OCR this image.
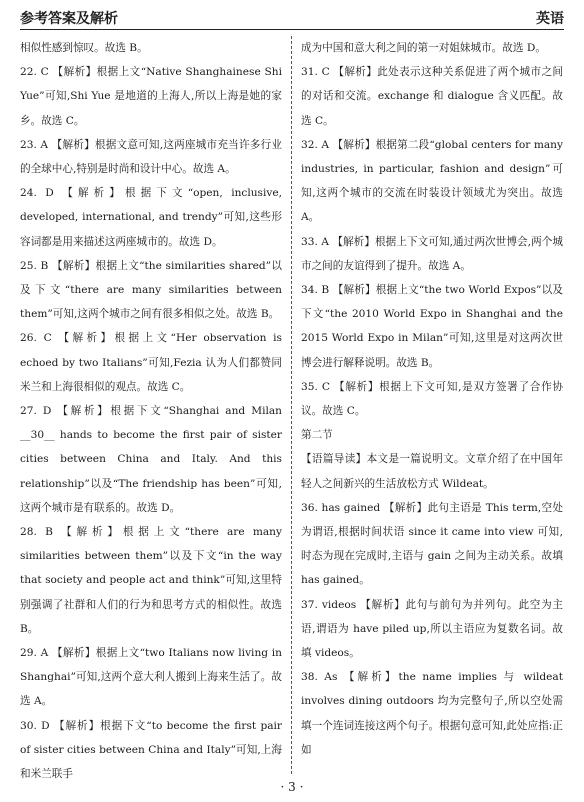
参考答案及解析	英语

相似性感到惊叹。故选 B。

22. C 【解析】根据上文“Native Shanghainese Shi Yue”可知,Shi Yue 是地道的上海人,所以上海是她的家乡。故选 C。

23. A 【解析】根据文意可知,这两座城市充当许多行业的全球中心,特别是时尚和设计中心。故选 A。

24. D 【解析】根据下文“open, inclusive, developed, international, and trendy”可知,这些形容词都是用来描述这两座城市的。故选 D。

25. B 【解析】根据上文“the similarities shared”以及下文“there are many similarities between them”可知,这两个城市之间有很多相似之处。故选 B。

26. C 【解析】根据上文“Her observation is echoed by two Italians”可知,Fezia 认为人们都赞同米兰和上海很相似的观点。故选 C。

27. D 【解析】根据下文“Shanghai and Milan __30__ hands to become the first pair of sister cities between China and Italy. And this relationship”以及“The friendship has been”可知,这两个城市是有联系的。故选 D。

28. B 【解析】根据上文“there are many similarities between them”以及下文“in the way that society and people act and think”可知,这里特别强调了社群和人们的行为和思考方式的相似性。故选 B。

29. A 【解析】根据上文“two Italians now living in Shanghai”可知,这两个意大利人搬到上海来生活了。故选 A。

30. D 【解析】根据下文“to become the first pair of sister cities between China and Italy”可知,上海和米兰联手

成为中国和意大利之间的第一对姐妹城市。故选 D。

31. C 【解析】此处表示这种关系促进了两个城市之间的对话和交流。exchange 和 dialogue 含义匹配。故选 C。

32. A 【解析】根据第二段“global centers for many industries, in particular, fashion and design”可知,这两个城市的交流在时装设计领域尤为突出。故选 A。

33. A 【解析】根据上下文可知,通过两次世博会,两个城市之间的友谊得到了提升。故选 A。

34. B 【解析】根据上文“the two World Expos”以及下文“the 2010 World Expo in Shanghai and the 2015 World Expo in Milan”可知,这里是对这两次世博会进行解释说明。故选 B。

35. C 【解析】根据上下文可知,是双方签署了合作协议。故选 C。

第二节

【语篇导读】本文是一篇说明文。文章介绍了在中国年轻人之间新兴的生活放松方式 Wildeat。

36. has gained 【解析】此句主语是 This term,空处为谓语,根据时间状语 since it came into view 可知,时态为现在完成时,主语与 gain 之间为主动关系。故填 has gained。

37. videos 【解析】此句与前句为并列句。此空为主语,谓语为 have piled up,所以主语应为复数名词。故填 videos。

38. As 【解析】the name implies 与 wildeat involves dining outdoors 均为完整句子,所以空处需填一个连词连接这两个句子。根据句意可知,此处应指:正如

· 3 ·
